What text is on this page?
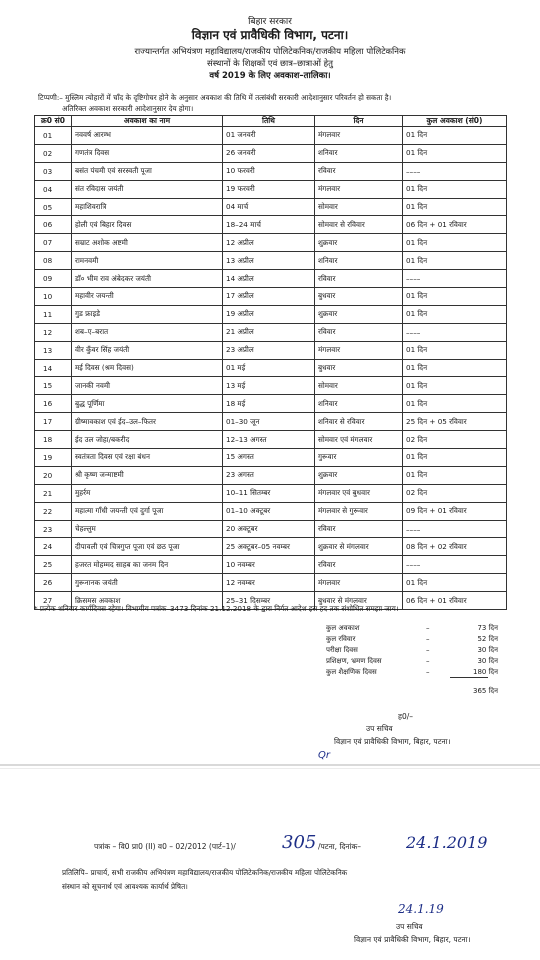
बिहार सरकार
विज्ञान एवं प्रावैधिकी विभाग, पटना।
राज्यान्तर्गत अभियंत्रण महाविद्यालय/राजकीय पोलिटेकनिक/राजकीय महिला पोलिटेकनिक
संस्थानों के शिक्षकों एवं छात्र–छात्राओं हेतु
वर्ष 2019 के लिए अवकाश–तालिका।
टिप्पणी:– मुस्लिम त्योहारों में चाँद के दृष्टिगोचर होने के अनुसार अवकाश की तिथि में तत्संबंधी सरकारी आदेशानुसार परिवर्तन हो सकता है।
अतिरिक्त अवकाश सरकारी आदेशानुसार देय होगा।
क्र0 सं0	अवकाश का नाम	तिथि	दिन	कुल अवकाश (सं0)
01	नववर्ष आरम्भ	01 जनवरी	मंगलवार	01 दिन
02	गणतंत्र दिवस	26 जनवरी	शनिवार	01 दिन
03	बसंत पंचमी एवं सरस्वती पूजा	10 फरवरी	रविवार	––––
04	संत रविदास जयंती	19 फरवरी	मंगलवार	01 दिन
05	महाशिवरात्रि	04 मार्च	सोमवार	01 दिन
06	होली एवं बिहार दिवस	18–24 मार्च	सोमवार से रविवार	06 दिन + 01 रविवार
07	सम्राट अशोक अष्टमी	12 अप्रील	शुक्रवार	01 दिन
08	रामनवमी	13 अप्रील	शनिवार	01 दिन
09	डॉ० भीम राव अंबेदकर जयंती	14 अप्रील	रविवार	––––
10	महावीर जयन्ती	17 अप्रील	बुधवार	01 दिन
11	गुड फ्राइडे	19 अप्रील	शुक्रवार	01 दिन
12	शब–ए–बरात	21 अप्रील	रविवार	––––
13	वीर कुँवर सिंह जयंती	23 अप्रील	मंगलवार	01 दिन
14	मई दिवस (श्रम दिवस)	01 मई	बुधवार	01 दिन
15	जानकी नवमी	13 मई	सोमवार	01 दिन
16	बुद्ध पूर्णिमा	18 मई	शनिवार	01 दिन
17	ग्रीष्मावकाश एवं ईद–उल–फितर	01–30 जून	शनिवार से रविवार	25 दिन + 05 रविवार
18	ईद उल जोहा/बकरीद	12–13 अगस्त	सोमवार एवं मंगलवार	02 दिन
19	स्वतंत्रता दिवस एवं रक्षा बंधन	15 अगस्त	गुरूवार	01 दिन
20	श्री कृष्ण जन्माष्टमी	23 अगस्त	शुक्रवार	01 दिन
21	मुहर्रम	10–11 सितम्बर	मंगलवार एवं बुधवार	02 दिन
22	महात्मा गाँधी जयन्ती एवं दुर्गा पूजा	01–10 अक्टूबर	मंगलवार से गुरूवार	09 दिन + 01 रविवार
23	चेहल्लुम	20 अक्टूबर	रविवार	––––
24	दीपावली एवं चित्रगुप्त पूजा एवं छठ पूजा	25 अक्टूबर–05 नवम्बर	शुक्रवार से मंगलवार	08 दिन + 02 रविवार
25	हजरत मोहम्मद साहब का जनम दिन	10 नवम्बर	रविवार	––––
26	गुरूनानक जयंती	12 नवम्बर	मंगलवार	01 दिन
27	क्रिसमस अवकाश	25–31 दिसम्बर	बुधवार से मंगलवार	06 दिन + 01 रविवार
* प्रत्येक शनिवार कार्यदिवस रहेगा। विभागीय पत्रांक–3473 दिनांक 21.12.2018 के द्वारा निर्गत आदेश इस हद तक संशोधित समझा जाय।
कुल अवकाश	–	73 दिन
कुल रविवार	–	52 दिन
परीक्षा दिवस	–	30 दिन
प्रशिक्षण, भ्रमण दिवस	–	30 दिन
कुल शैक्षणिक दिवस	–	180 दिन
365 दिन
ह0/–
उप सचिव
Qr
विज्ञान एवं प्रावैधिकी विभाग, बिहार, पटना।
पत्रांक – वि0 प्रा0 (II) व0 – 02/2012 (पार्ट–1)/	305 /पटना, दिनांक–	24.1.2019
प्रतिलिपि– प्राचार्य, सभी राजकीय अभियंत्रण महाविद्यालय/राजकीय पोलिटेकनिक/राजकीय महिला पोलिटेकनिक
संस्थान को सूचनार्थ एवं आवश्यक कार्यार्थ प्रेषित।
24.1.19
उप सचिव
विज्ञान एवं प्रावैधिकी विभाग, बिहार, पटना।
